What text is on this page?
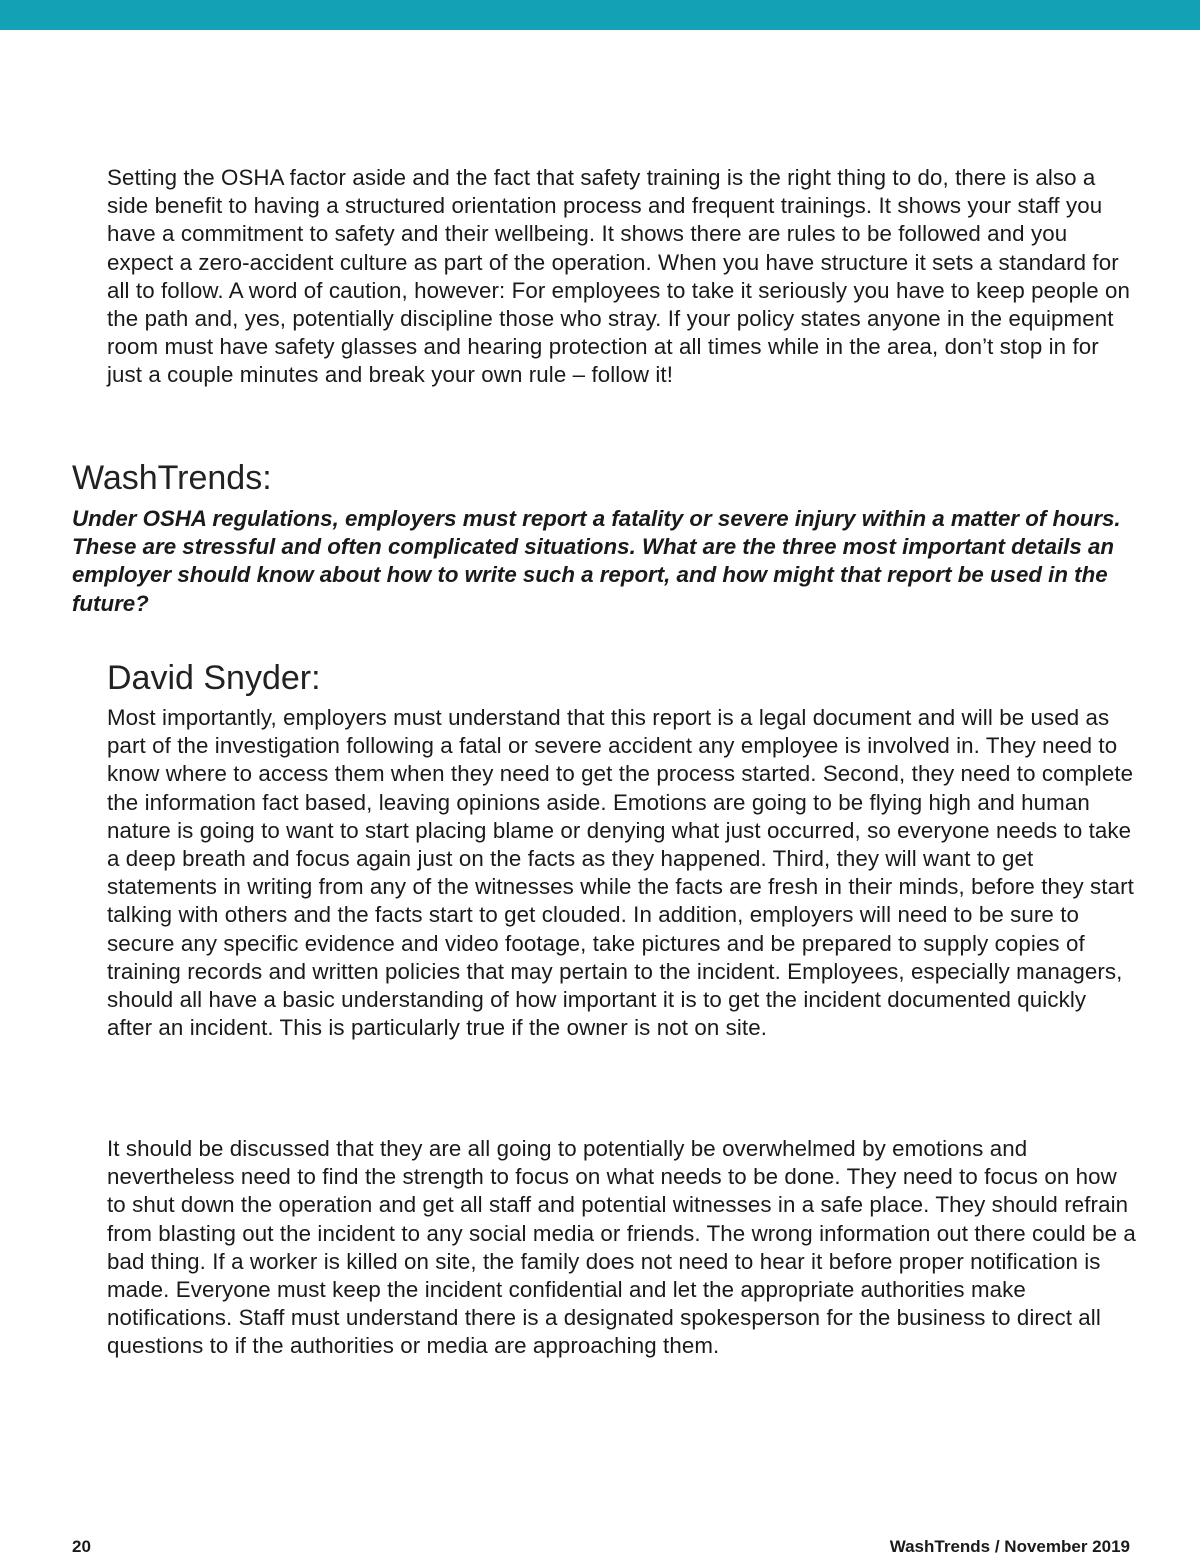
Setting the OSHA factor aside and the fact that safety training is the right thing to do, there is also a side benefit to having a structured orientation process and frequent trainings. It shows your staff you have a commitment to safety and their wellbeing. It shows there are rules to be followed and you expect a zero-accident culture as part of the operation. When you have structure it sets a standard for all to follow. A word of caution, however: For employees to take it seriously you have to keep people on the path and, yes, potentially discipline those who stray. If your policy states anyone in the equipment room must have safety glasses and hearing protection at all times while in the area, don’t stop in for just a couple minutes and break your own rule – follow it!

WashTrends:

Under OSHA regulations, employers must report a fatality or severe injury within a matter of hours. These are stressful and often complicated situations. What are the three most important details an employer should know about how to write such a report, and how might that report be used in the future?

David Snyder:

Most importantly, employers must understand that this report is a legal document and will be used as part of the investigation following a fatal or severe accident any employee is involved in. They need to know where to access them when they need to get the process started. Second, they need to complete the information fact based, leaving opinions aside. Emotions are going to be flying high and human nature is going to want to start placing blame or denying what just occurred, so everyone needs to take a deep breath and focus again just on the facts as they happened. Third, they will want to get statements in writing from any of the witnesses while the facts are fresh in their minds, before they start talking with others and the facts start to get clouded. In addition, employers will need to be sure to secure any specific evidence and video footage, take pictures and be prepared to supply copies of training records and written policies that may pertain to the incident. Employees, especially managers, should all have a basic understanding of how important it is to get the incident documented quickly after an incident. This is particularly true if the owner is not on site.

It should be discussed that they are all going to potentially be overwhelmed by emotions and nevertheless need to find the strength to focus on what needs to be done. They need to focus on how to shut down the operation and get all staff and potential witnesses in a safe place. They should refrain from blasting out the incident to any social media or friends. The wrong information out there could be a bad thing. If a worker is killed on site, the family does not need to hear it before proper notification is made. Everyone must keep the incident confidential and let the appropriate authorities make notifications. Staff must understand there is a designated spokesperson for the business to direct all questions to if the authorities or media are approaching them.

20	WashTrends / November 2019
